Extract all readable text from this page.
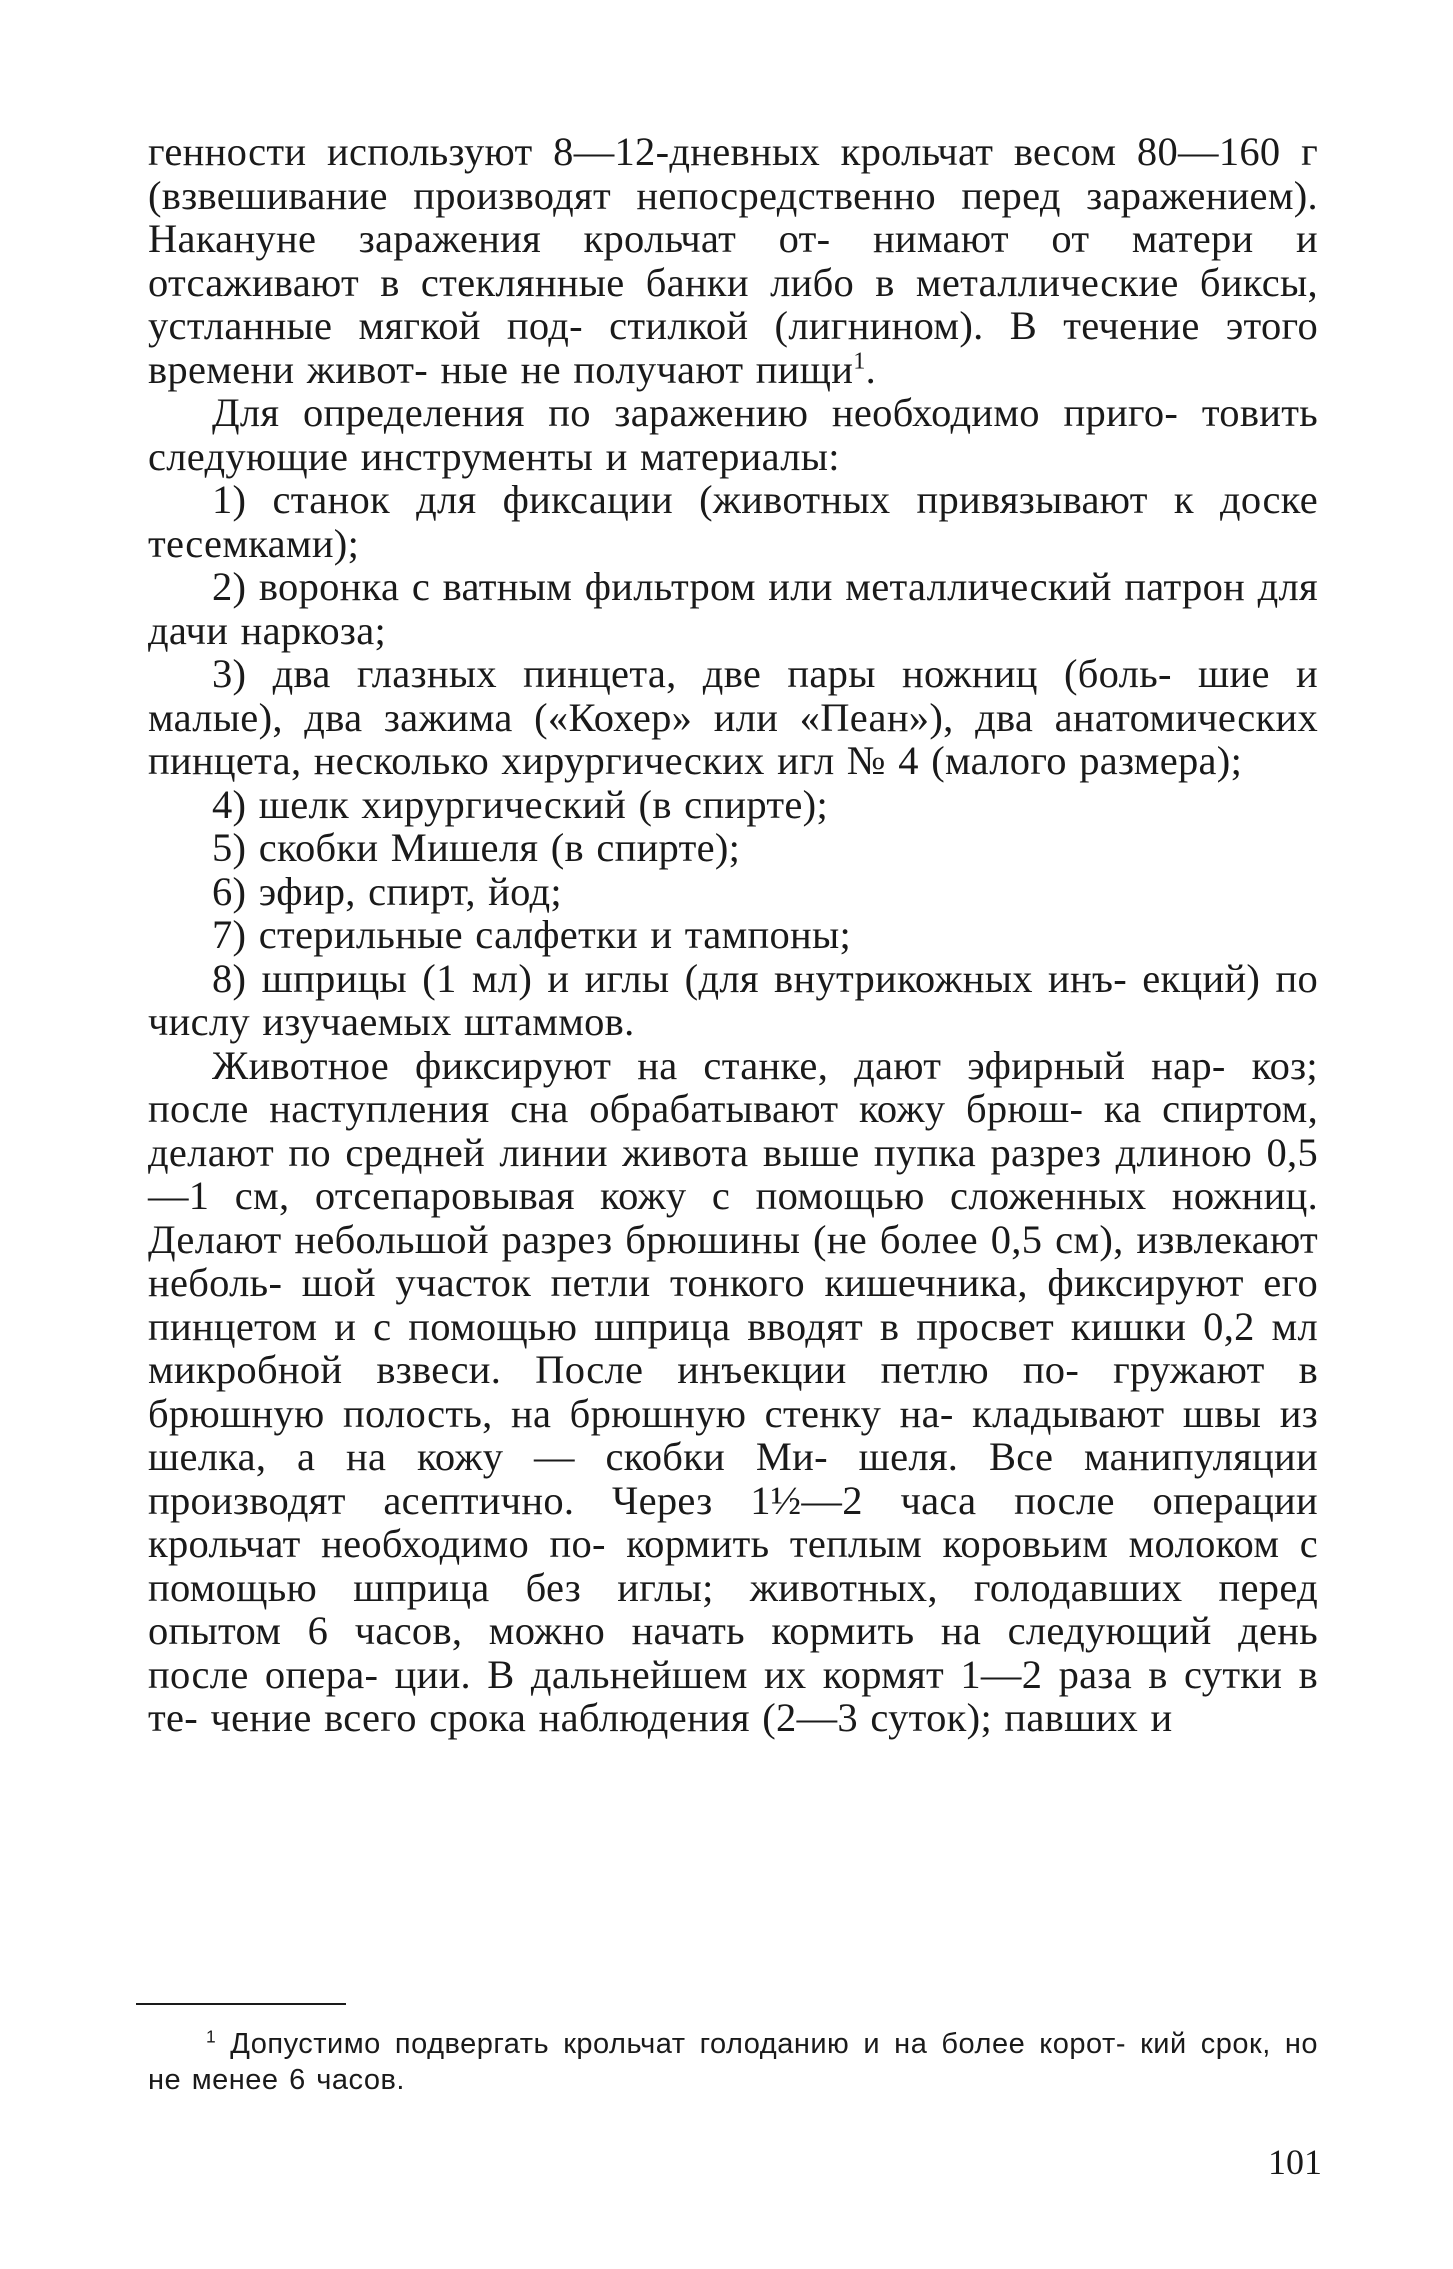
генности используют 8—12-дневных крольчат весом 80—160 г (взвешивание производят непосредственно перед заражением). Накануне заражения крольчат от- нимают от матери и отсаживают в стеклянные банки либо в металлические биксы, устланные мягкой под- стилкой (лигнином). В течение этого времени живот- ные не получают пищи$^1$.

Для определения по заражению необходимо приго- товить следующие инструменты и материалы:

1) станок для фиксации (животных привязывают к доске тесемками);
2) воронка с ватным фильтром или металлический патрон для дачи наркоза;
3) два глазных пинцета, две пары ножниц (боль- шие и малые), два зажима («Кохер» или «Пеан»), два анатомических пинцета, несколько хирургических игл № 4 (малого размера);
4) шелк хирургический (в спирте);
5) скобки Мишеля (в спирте);
6) эфир, спирт, йод;
7) стерильные салфетки и тампоны;
8) шприцы (1 мл) и иглы (для внутрикожных инъ- екций) по числу изучаемых штаммов.

Животное фиксируют на станке, дают эфирный нар- коз; после наступления сна обрабатывают кожу брюш- ка спиртом, делают по средней линии живота выше пупка разрез длиною 0,5—1 см, отсепаровывая кожу с помощью сложенных ножниц. Делают небольшой разрез брюшины (не более 0,5 см), извлекают неболь- шой участок петли тонкого кишечника, фиксируют его пинцетом и с помощью шприца вводят в просвет кишки 0,2 мл микробной взвеси. После инъекции петлю по- гружают в брюшную полость, на брюшную стенку на- кладывают швы из шелка, а на кожу — скобки Ми- шеля. Все манипуляции производят асептично. Через 1½—2 часа после операции крольчат необходимо по- кормить теплым коровьим молоком с помощью шприца без иглы; животных, голодавших перед опытом 6 часов, можно начать кормить на следующий день после опера- ции. В дальнейшем их кормят 1—2 раза в сутки в те- чение всего срока наблюдения (2—3 суток); павших и

$^1$ Допустимо подвергать крольчат голоданию и на более корот- кий срок, но не менее 6 часов.
101
